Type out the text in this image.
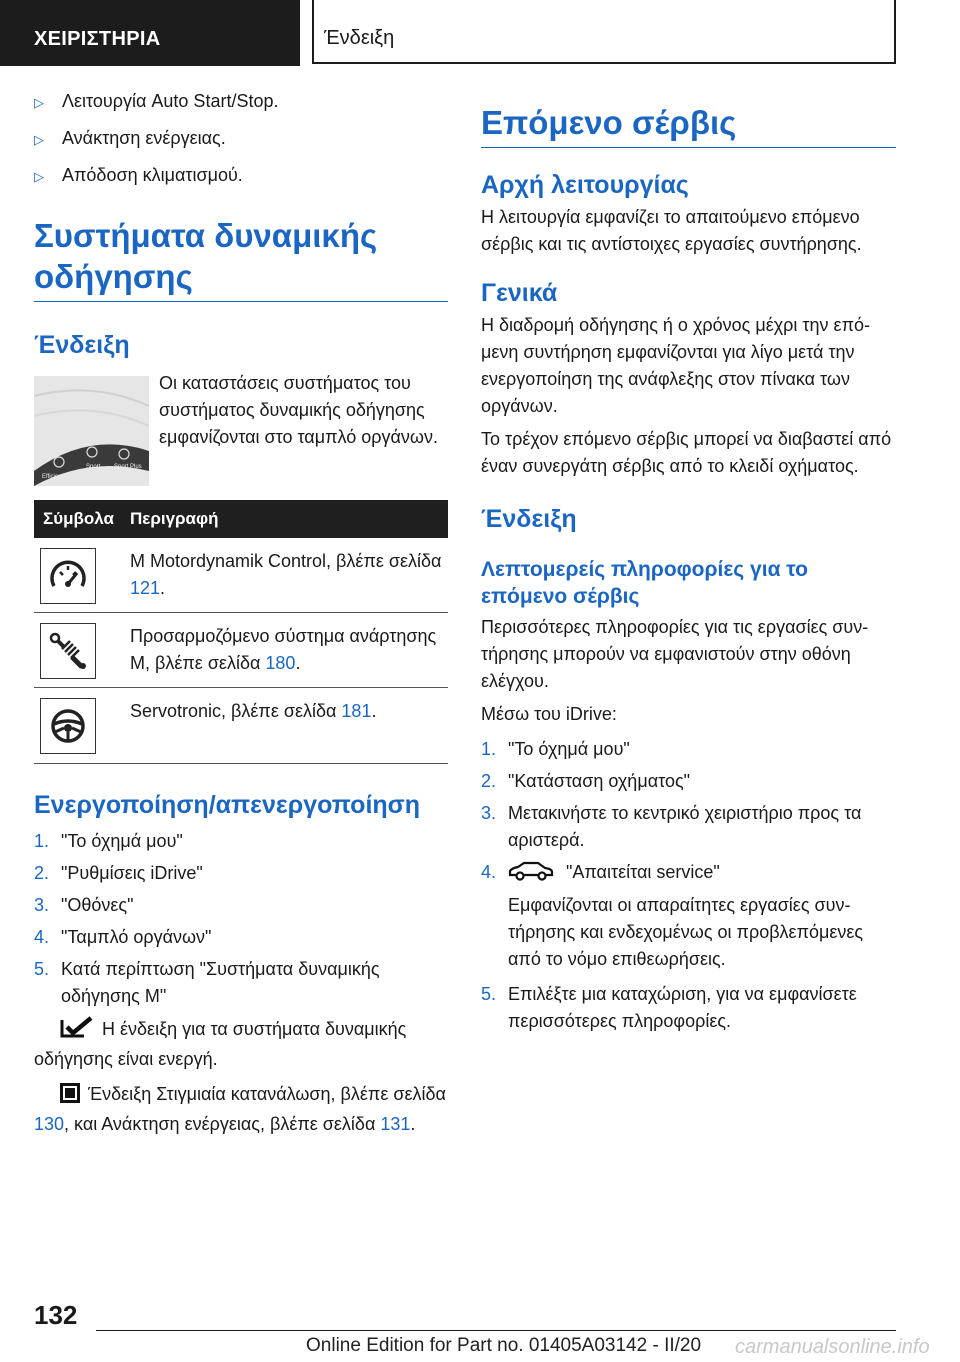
ΧΕΙΡΙΣΤΗΡΙΑ	Ένδειξη
▷	Λειτουργία Auto Start/Stop.
▷	Ανάκτηση ενέργειας.
▷	Απόδοση κλιματισμού.
Συστήματα δυναμικής οδήγησης
Ένδειξη
Efficient
Sport Sport Plus

Οι καταστάσεις συστήματος του συστήματος δυναμικής οδήγησης εμφανίζονται στο ταμπλό οργάνων.

Σύμβολα Περιγραφή
M Motordynamik Control, βλέπε σελίδα 121.
Προσαρμοζόμενο σύστημα ανάρτησης M, βλέπε σελίδα 180.
Servotronic, βλέπε σελίδα 181.
Ενεργοποίηση/απενεργοποίηση
1. "Το όχημά μου"
2. "Ρυθμίσεις iDrive"
3. "Οθόνες"
4. "Ταμπλό οργάνων"
5. Κατά περίπτωση "Συστήματα δυναμικής οδήγησης M"
Η ένδειξη για τα συστήματα δυναμικής οδήγησης είναι ενεργή.
Ένδειξη Στιγμιαία κατανάλωση, βλέπε σελίδα 130, και Ανάκτηση ενέργειας, βλέπε σελίδα 131.
Επόμενο σέρβις
Αρχή λειτουργίας

Η λειτουργία εμφανίζει το απαιτούμενο επόμενο σέρβις και τις αντίστοιχες εργασίες συντήρησης.

Γενικά

Η διαδρομή οδήγησης ή ο χρόνος μέχρι την επόμενη συντήρηση εμφανίζονται για λίγο μετά την ενεργοποίηση της ανάφλεξης στον πίνακα των οργάνων.

Το τρέχον επόμενο σέρβις μπορεί να διαβαστεί από έναν συνεργάτη σέρβις από το κλειδί οχήματος.

Ένδειξη
Λεπτομερείς πληροφορίες για το επόμενο σέρβις

Περισσότερες πληροφορίες για τις εργασίες συντήρησης μπορούν να εμφανιστούν στην οθόνη ελέγχου.

Μέσω του iDrive:

1. "Το όχημά μου"
2. "Κατάσταση οχήματος"
3. Μετακινήστε το κεντρικό χειριστήριο προς τα αριστερά.
4.	"Απαιτείται service"

Εμφανίζονται οι απαραίτητες εργασίες συντήρησης και ενδεχομένως οι προβλεπόμενες από το νόμο επιθεωρήσεις.

5. Επιλέξτε μια καταχώριση, για να εμφανίσετε περισσότερες πληροφορίες.
132
Online Edition for Part no. 01405A03142 - II/20 carmanualsonline.info
